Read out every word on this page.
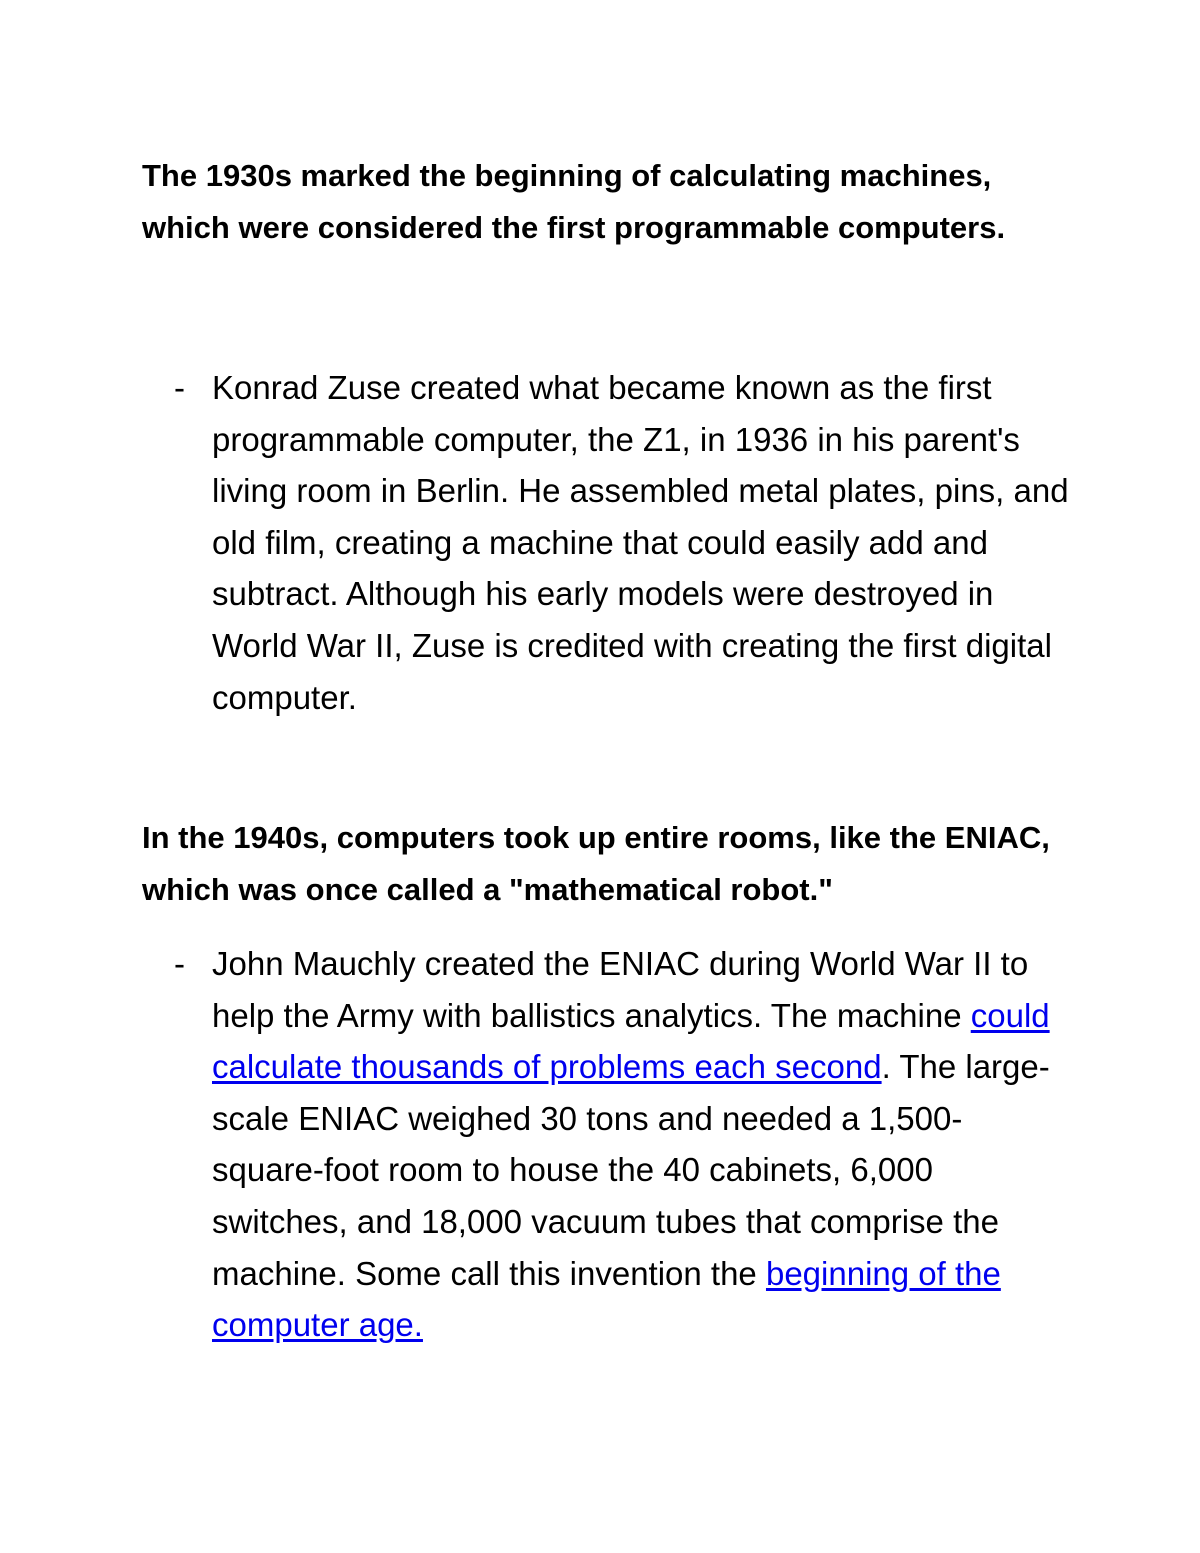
The 1930s marked the beginning of calculating machines, which were considered the first programmable computers.

- Konrad Zuse created what became known as the first programmable computer, the Z1, in 1936 in his parent's living room in Berlin. He assembled metal plates, pins, and old film, creating a machine that could easily add and subtract. Although his early models were destroyed in World War II, Zuse is credited with creating the first digital computer.

In the 1940s, computers took up entire rooms, like the ENIAC, which was once called a "mathematical robot."

- John Mauchly created the ENIAC during World War II to help the Army with ballistics analytics. The machine could calculate thousands of problems each second. The large-scale ENIAC weighed 30 tons and needed a 1,500-square-foot room to house the 40 cabinets, 6,000 switches, and 18,000 vacuum tubes that comprise the machine. Some call this invention the beginning of the computer age.
